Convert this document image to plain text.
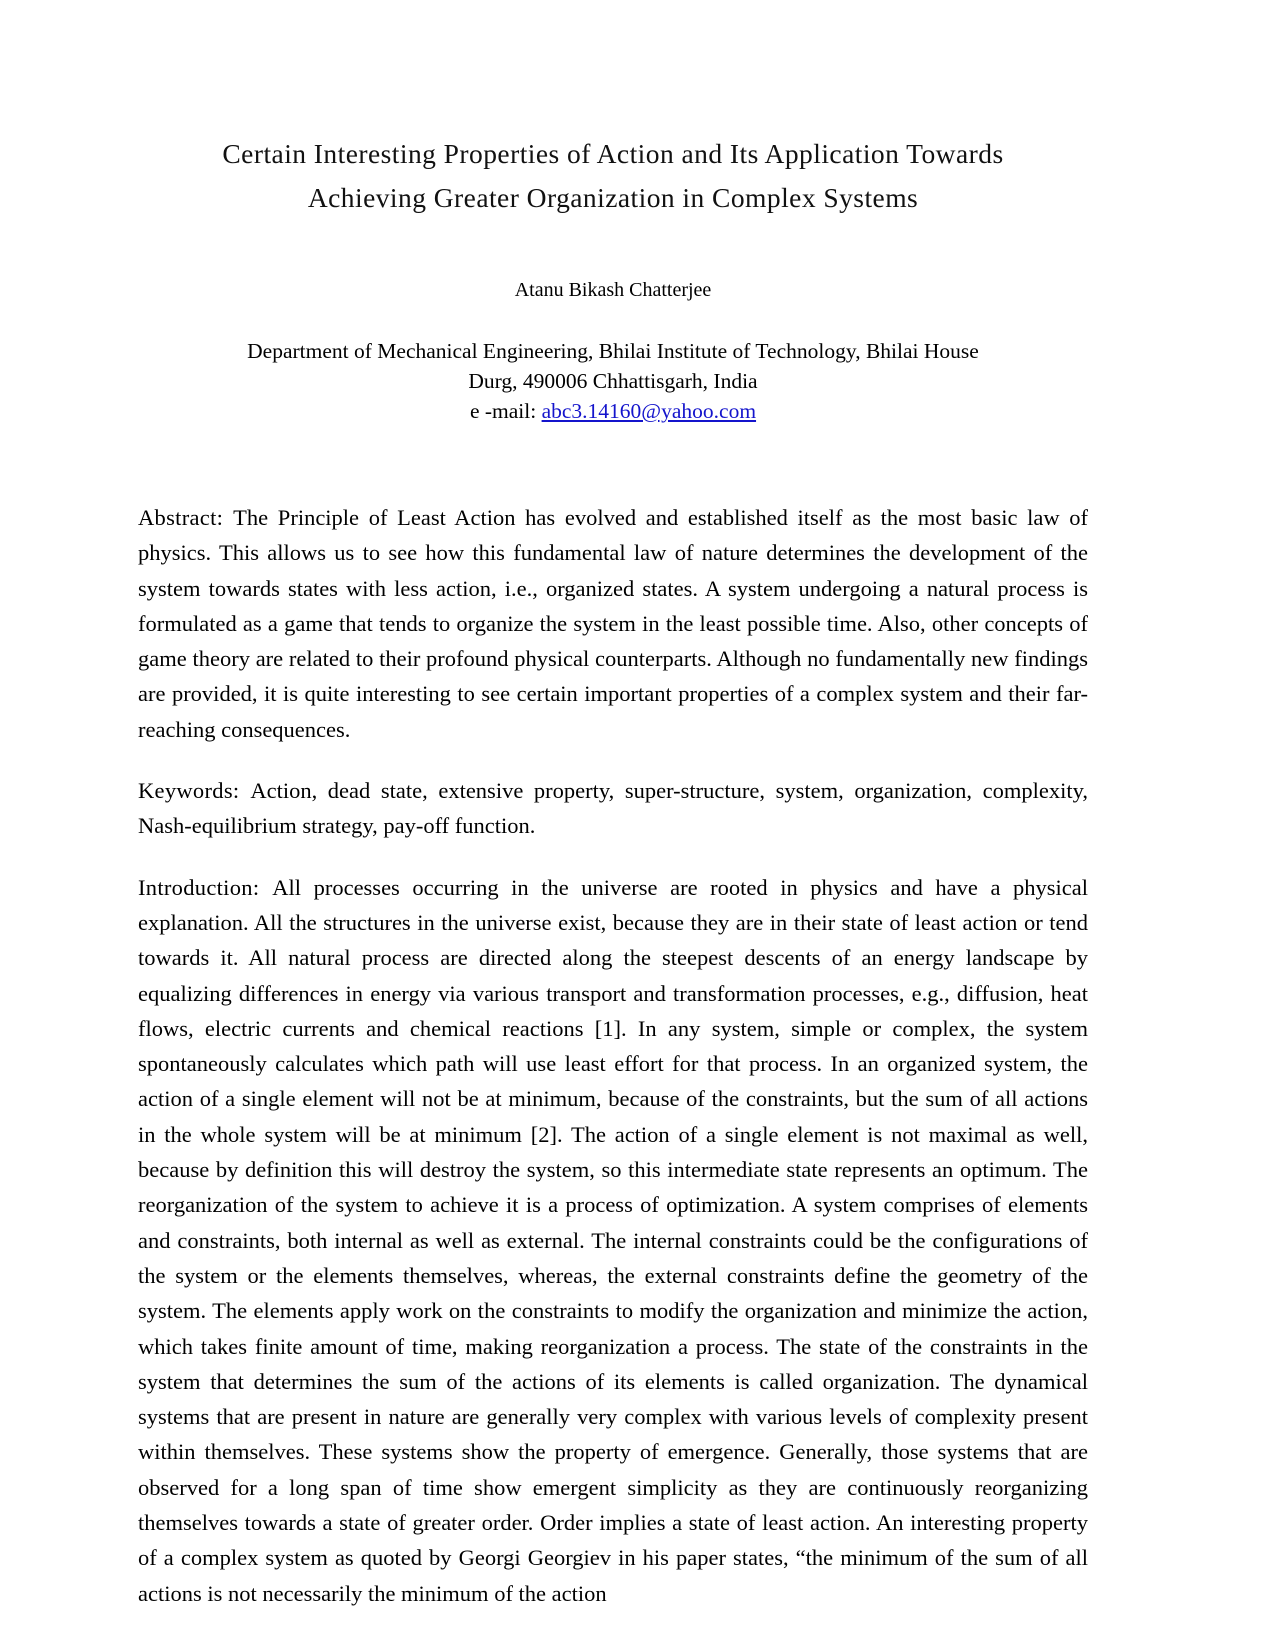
Certain Interesting Properties of Action and Its Application Towards
Achieving Greater Organization in Complex Systems
Atanu Bikash Chatterjee
Department of Mechanical Engineering, Bhilai Institute of Technology, Bhilai House
Durg, 490006 Chhattisgarh, India
e -mail: abc3.14160@yahoo.com

Abstract: The Principle of Least Action has evolved and established itself as the most basic law of physics. This allows us to see how this fundamental law of nature determines the development of the system towards states with less action, i.e., organized states. A system undergoing a natural process is formulated as a game that tends to organize the system in the least possible time. Also, other concepts of game theory are related to their profound physical counterparts. Although no fundamentally new findings are provided, it is quite interesting to see certain important properties of a complex system and their far-reaching consequences.

Keywords: Action, dead state, extensive property, super-structure, system, organization, complexity, Nash-equilibrium strategy, pay-off function.

Introduction: All processes occurring in the universe are rooted in physics and have a physical explanation. All the structures in the universe exist, because they are in their state of least action or tend towards it. All natural process are directed along the steepest descents of an energy landscape by equalizing differences in energy via various transport and transformation processes, e.g., diffusion, heat flows, electric currents and chemical reactions [1]. In any system, simple or complex, the system spontaneously calculates which path will use least effort for that process. In an organized system, the action of a single element will not be at minimum, because of the constraints, but the sum of all actions in the whole system will be at minimum [2]. The action of a single element is not maximal as well, because by definition this will destroy the system, so this intermediate state represents an optimum. The reorganization of the system to achieve it is a process of optimization. A system comprises of elements and constraints, both internal as well as external. The internal constraints could be the configurations of the system or the elements themselves, whereas, the external constraints define the geometry of the system. The elements apply work on the constraints to modify the organization and minimize the action, which takes finite amount of time, making reorganization a process. The state of the constraints in the system that determines the sum of the actions of its elements is called organization. The dynamical systems that are present in nature are generally very complex with various levels of complexity present within themselves. These systems show the property of emergence. Generally, those systems that are observed for a long span of time show emergent simplicity as they are continuously reorganizing themselves towards a state of greater order. Order implies a state of least action. An interesting property of a complex system as quoted by Georgi Georgiev in his paper states, “the minimum of the sum of all actions is not necessarily the minimum of the action
